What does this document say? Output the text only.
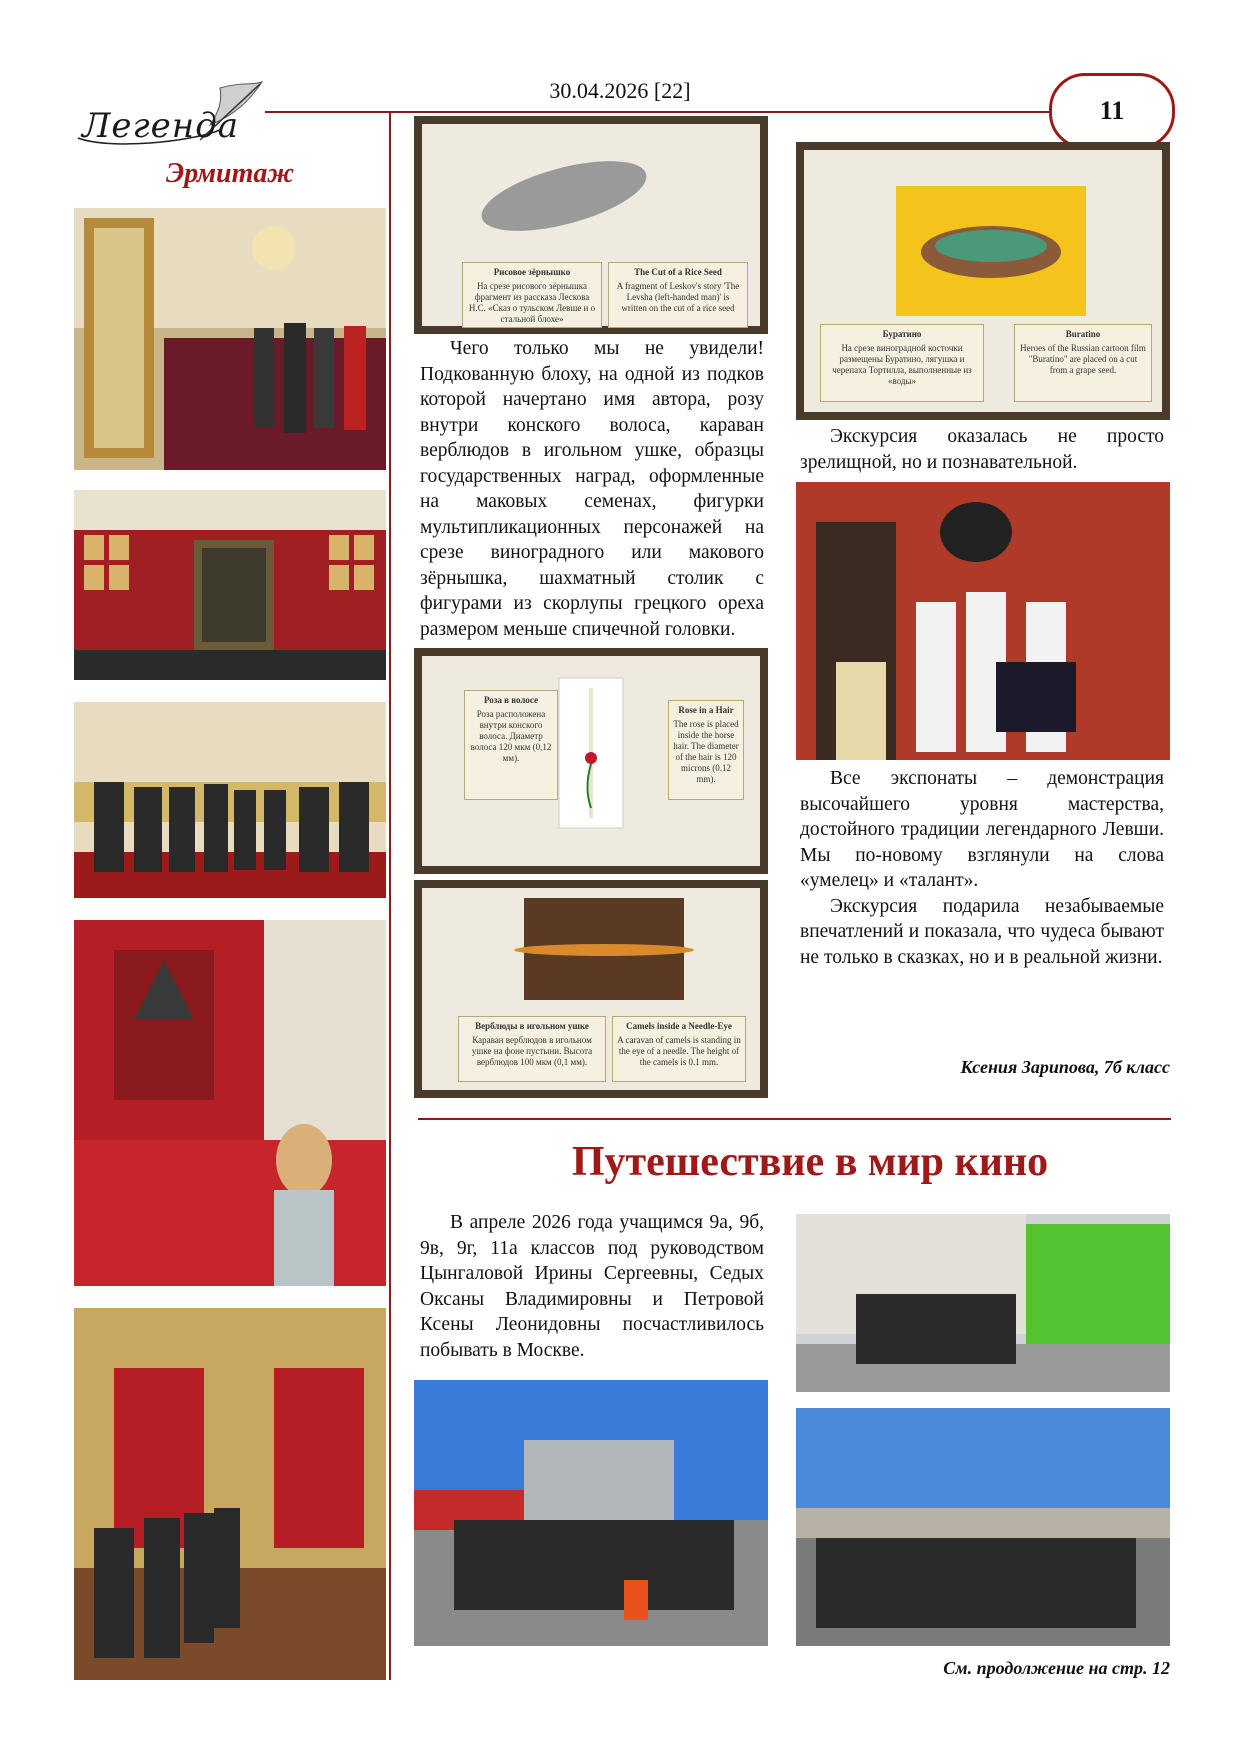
Легенда
30.04.2026 [22]
11
Эрмитаж
Рисовое зёрнышко
На срезе рисового зёрнышка фрагмент из рассказа Лескова Н.С. «Сказ о тульском Левше и о стальной блохе»
The Cut of a Rice Seed
A fragment of Leskov's story 'The Levsha (left-handed man)' is written on the cut of a rice seed

Чего только мы не увидели! Подкованную блоху, на одной из подков которой начертано имя автора, розу внутри конского волоса, караван верблюдов в игольном ушке, образцы государственных наград, оформленные на маковых семенах, фигурки мультипликационных персонажей на срезе виноградного или макового зёрнышка, шахматный столик с фигурами из скорлупы грецкого ореха размером меньше спичечной головки.

Роза в волосе
Роза расположена внутри конского волоса. Диаметр волоса 120 мкм (0,12 мм).
Rose in a Hair
The rose is placed inside the horse hair. The diameter of the hair is 120 microns (0.12 mm).
Верблюды в игольном ушке
Караван верблюдов в игольном ушке на фоне пустыни. Высота верблюдов 100 мкм (0,1 мм).
Camels inside a Needle-Eye
A caravan of camels is standing in the eye of a needle. The height of the camels is 0.1 mm.
Буратино
На срезе виноградной косточки размещены Буратино, лягушка и черепаха Тортилла, выполненные из «воды»
Buratino
Heroes of the Russian cartoon film "Buratino" are placed on a cut from a grape seed.

Экскурсия оказалась не просто зрелищной, но и познавательной.

Все экспонаты – демонстрация высочайшего уровня мастерства, достойного традиции легендарного Левши. Мы по-новому взглянули на слова «умелец» и «талант».

Экскурсия подарила незабываемые впечатлений и показала, что чудеса бывают не только в сказках, но и в реальной жизни.

Ксения Зарипова, 7б класс
Путешествие в мир кино

В апреле 2026 года учащимся 9а, 9б, 9в, 9г, 11а классов под руководством Цынгаловой Ирины Сергеевны, Седых Оксаны Владимировны и Петровой Ксены Леонидовны посчастливилось побывать в Москве.

См. продолжение на стр. 12
